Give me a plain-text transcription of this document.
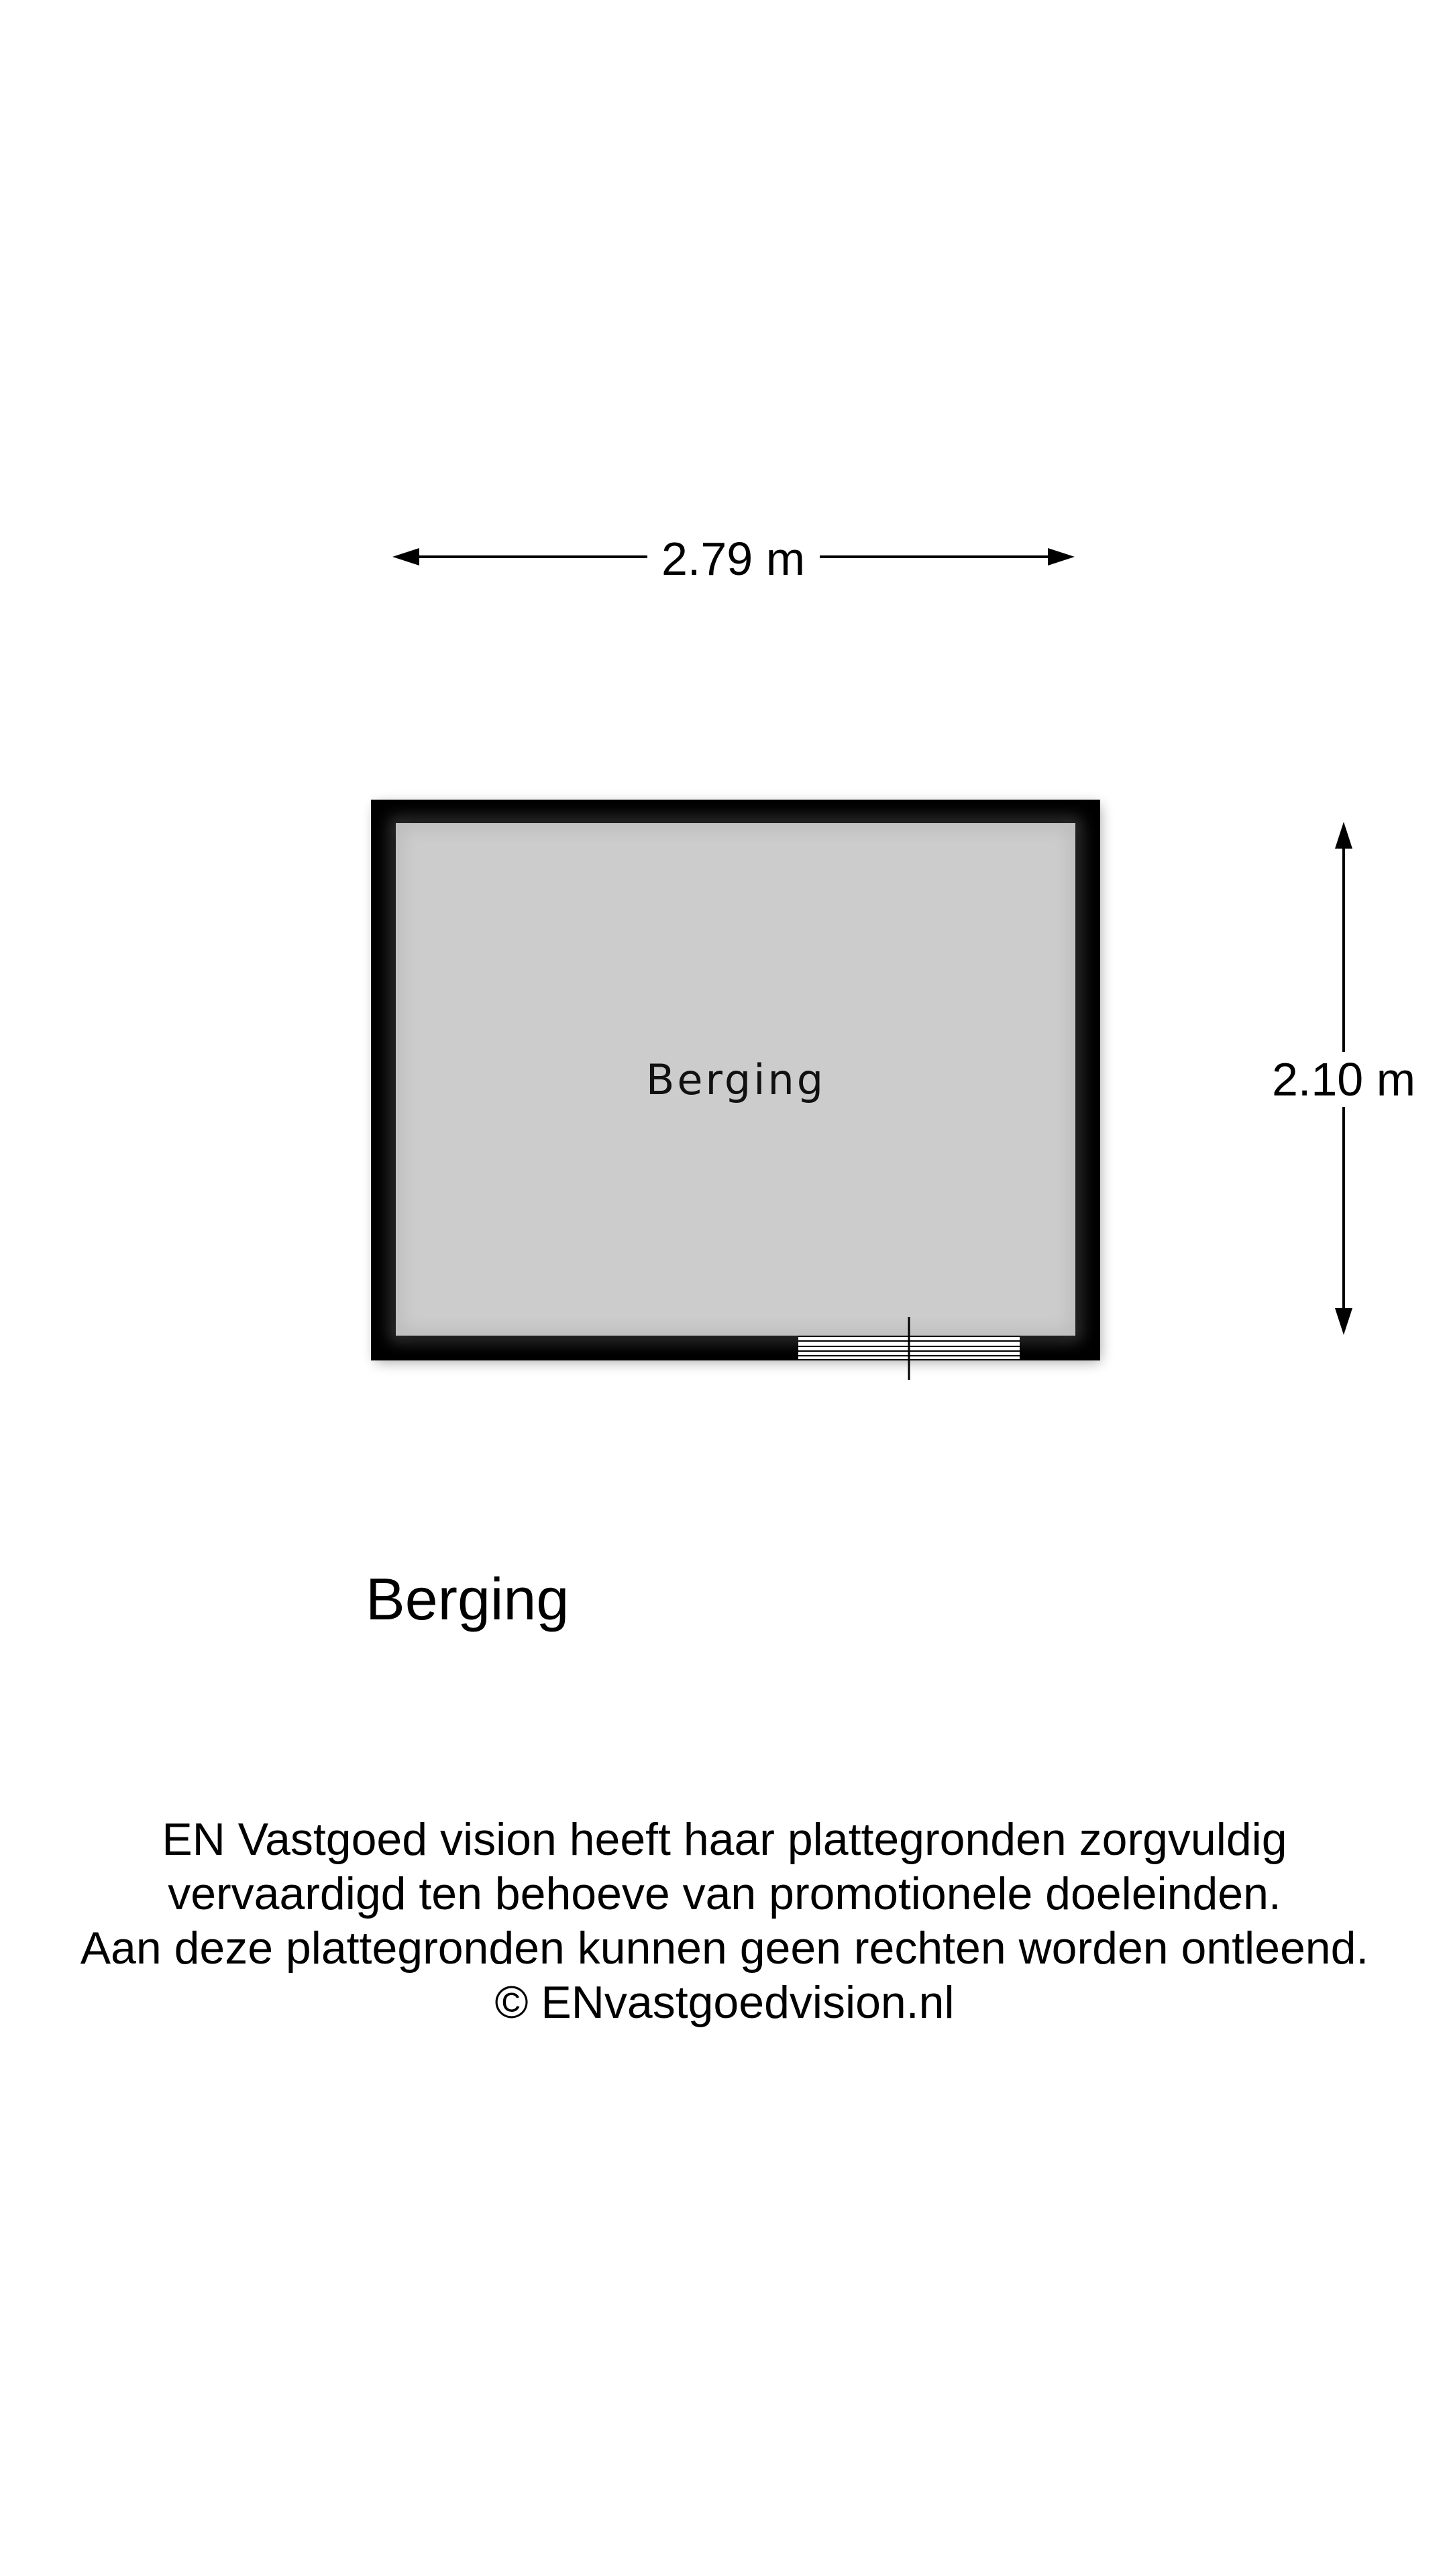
2.79 m
2.10 m
Berging
Berging
EN Vastgoed vision heeft haar plattegronden zorgvuldig
vervaardigd ten behoeve van promotionele doeleinden.
Aan deze plattegronden kunnen geen rechten worden ontleend.
© ENvastgoedvision.nl
